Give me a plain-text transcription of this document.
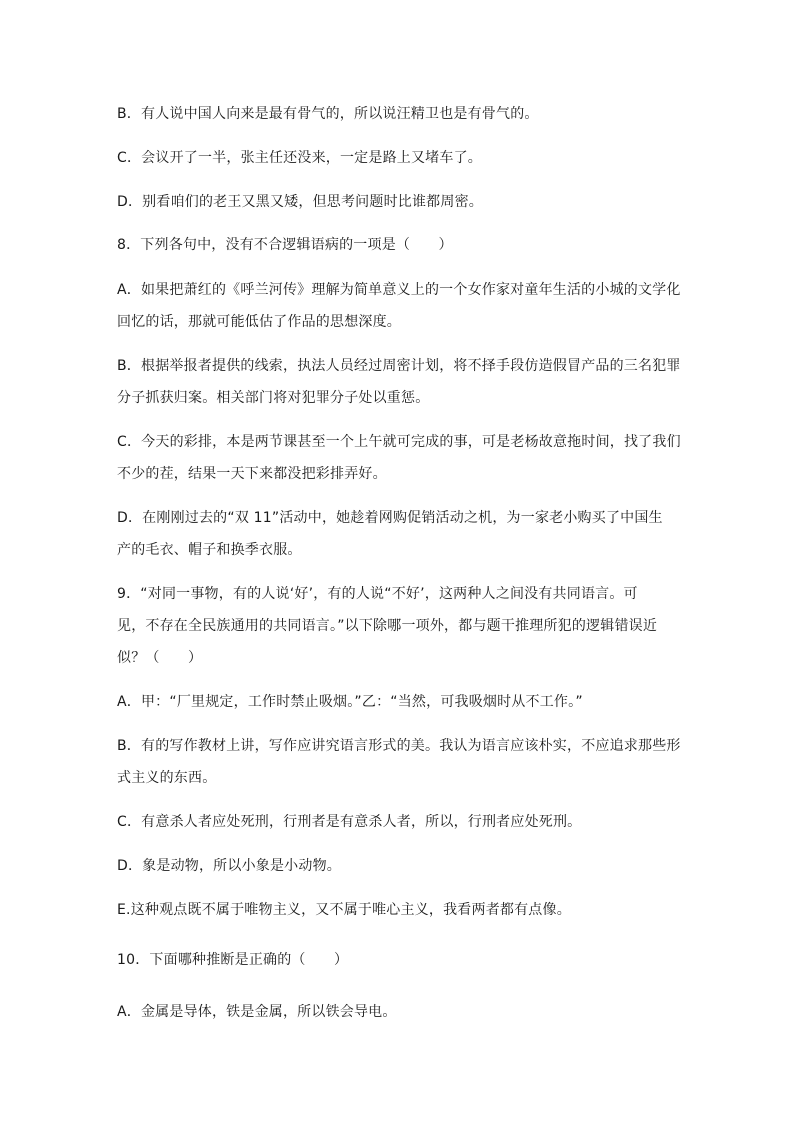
B．有人说中国人向来是最有骨气的，所以说汪精卫也是有骨气的。
C．会议开了一半，张主任还没来，一定是路上又堵车了。
D．别看咱们的老王又黑又矮，但思考问题时比谁都周密。
8．下列各句中，没有不合逻辑语病的一项是（　　）
A．如果把萧红的《呼兰河传》理解为简单意义上的一个女作家对童年生活的小城的文学化
回忆的话，那就可能低估了作品的思想深度。
B．根据举报者提供的线索，执法人员经过周密计划，将不择手段仿造假冒产品的三名犯罪
分子抓获归案。相关部门将对犯罪分子处以重惩。
C．今天的彩排，本是两节课甚至一个上午就可完成的事，可是老杨故意拖时间，找了我们
不少的茬，结果一天下来都没把彩排弄好。
D．在刚刚过去的“双 11”活动中，她趁着网购促销活动之机，为一家老小购买了中国生
产的毛衣、帽子和换季衣服。
9．“对同一事物，有的人说‘好’，有的人说“不好’，这两种人之间没有共同语言。可
见，不存在全民族通用的共同语言。”以下除哪一项外，都与题干推理所犯的逻辑错误近
似？（　　）
A．甲：“厂里规定，工作时禁止吸烟。”乙：“当然，可我吸烟时从不工作。”
B．有的写作教材上讲，写作应讲究语言形式的美。我认为语言应该朴实，不应追求那些形
式主义的东西。
C．有意杀人者应处死刑，行刑者是有意杀人者，所以，行刑者应处死刑。
D．象是动物，所以小象是小动物。
E.这种观点既不属于唯物主义，又不属于唯心主义，我看两者都有点像。
10．下面哪种推断是正确的（　　）
A．金属是导体，铁是金属，所以铁会导电。
